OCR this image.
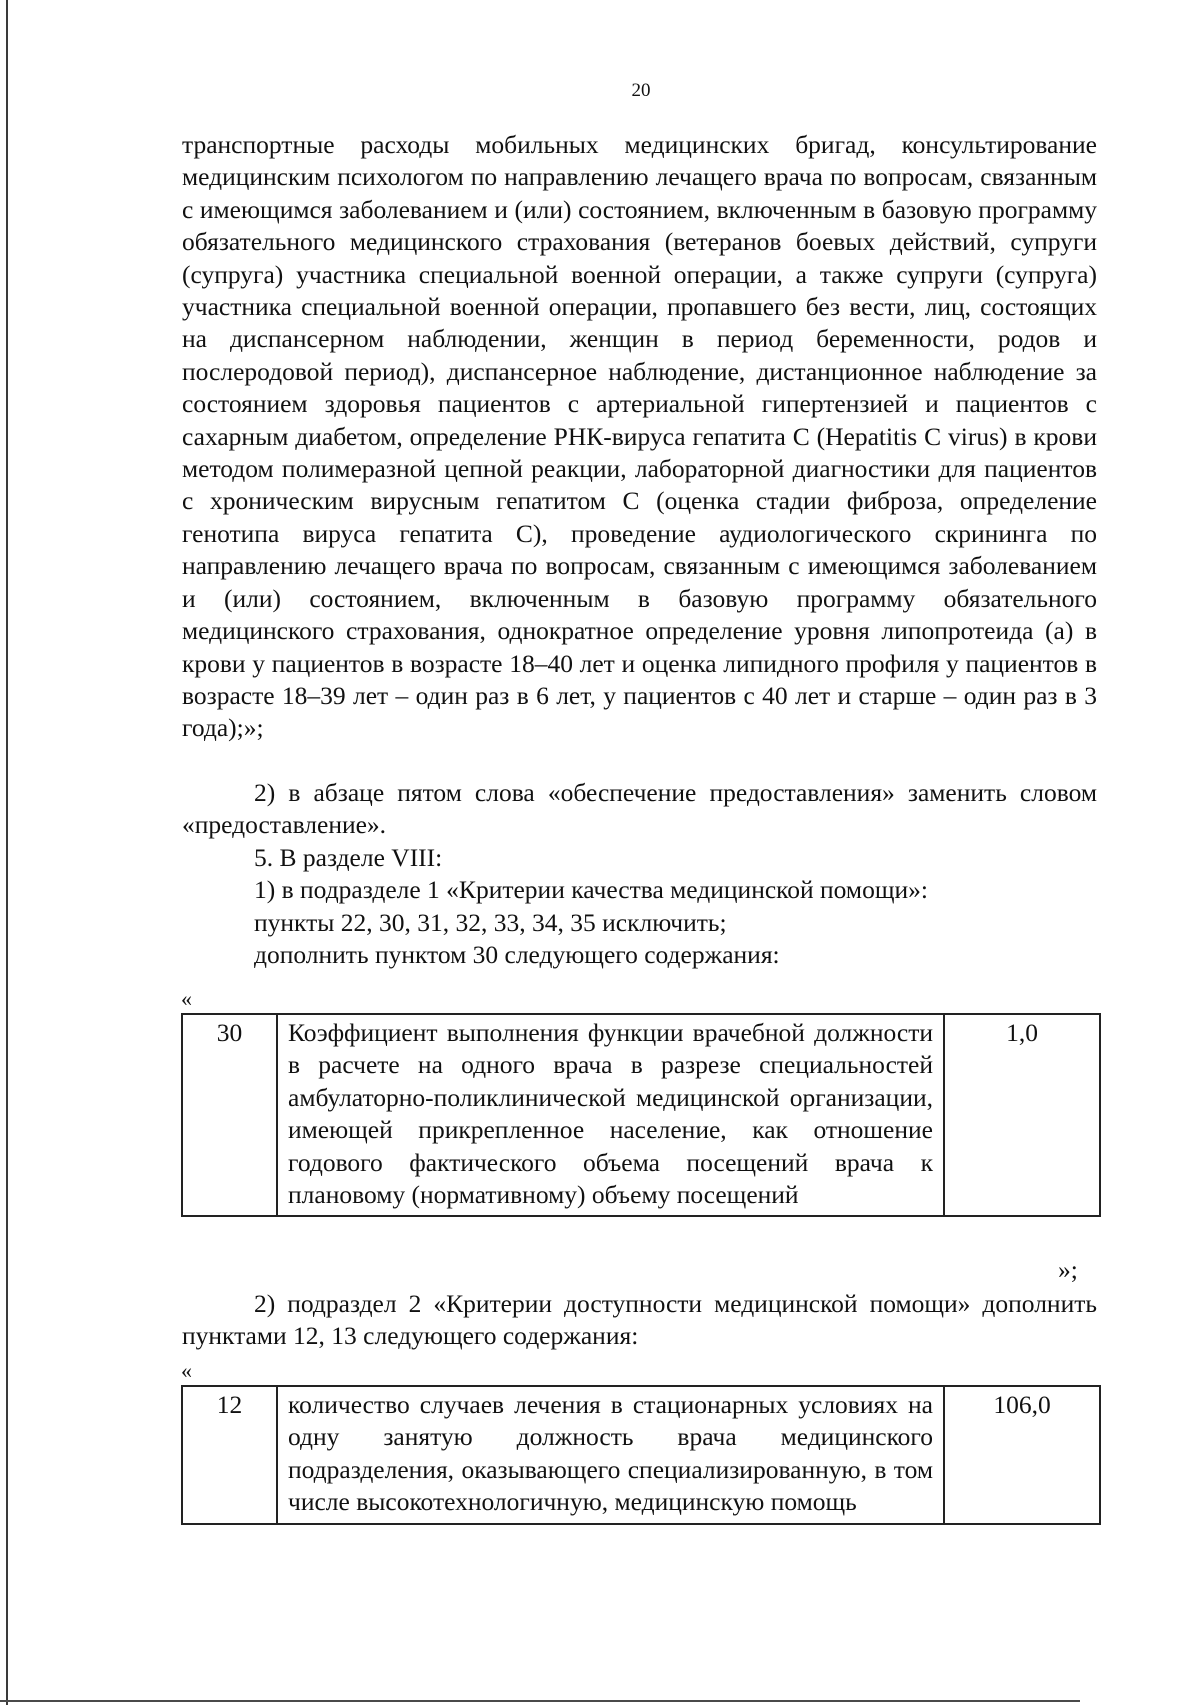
20
транспортные расходы мобильных медицинских бригад, консультирование медицинским психологом по направлению лечащего врача по вопросам, связанным с имеющимся заболеванием и (или) состоянием, включенным в базовую программу обязательного медицинского страхования (ветеранов боевых действий, супруги (супруга) участника специальной военной операции, а также супруги (супруга) участника специальной военной операции, пропавшего без вести, лиц, состоящих на диспансерном наблюдении, женщин в период беременности, родов и послеродовой период), диспансерное наблюдение, дистанционное наблюдение за состоянием здоровья пациентов с артериальной гипертензией и пациентов с сахарным диабетом, определение РНК-вируса гепатита C (Hepatitis C virus) в крови методом полимеразной цепной реакции, лабораторной диагностики для пациентов с хроническим вирусным гепатитом C (оценка стадии фиброза, определение генотипа вируса гепатита C), проведение аудиологического скрининга по направлению лечащего врача по вопросам, связанным с имеющимся заболеванием и (или) состоянием, включенным в базовую программу обязательного медицинского страхования, однократное определение уровня липопротеида (а) в крови у пациентов в возрасте 18–40 лет и оценка липидного профиля у пациентов в возрасте 18–39 лет – один раз в 6 лет, у пациентов с 40 лет и старше – один раз в 3 года);»;
2) в абзаце пятом слова «обеспечение предоставления» заменить словом «предоставление».
5. В разделе VIII:
1) в подразделе 1 «Критерии качества медицинской помощи»:
пункты 22, 30, 31, 32, 33, 34, 35 исключить;
дополнить пунктом 30 следующего содержания:
«
30	Коэффициент выполнения функции врачебной должности в расчете на одного врача в разрезе специальностей амбулаторно-поликлинической медицинской организации, имеющей прикрепленное население, как отношение годового фактического объема посещений врача к плановому (нормативному) объему посещений	1,0
»;
2) подраздел 2 «Критерии доступности медицинской помощи» дополнить пунктами 12, 13 следующего содержания:
«
12	количество случаев лечения в стационарных условиях на одну занятую должность врача медицинского подразделения, оказывающего специализированную, в том числе высокотехнологичную, медицинскую помощь	106,0
